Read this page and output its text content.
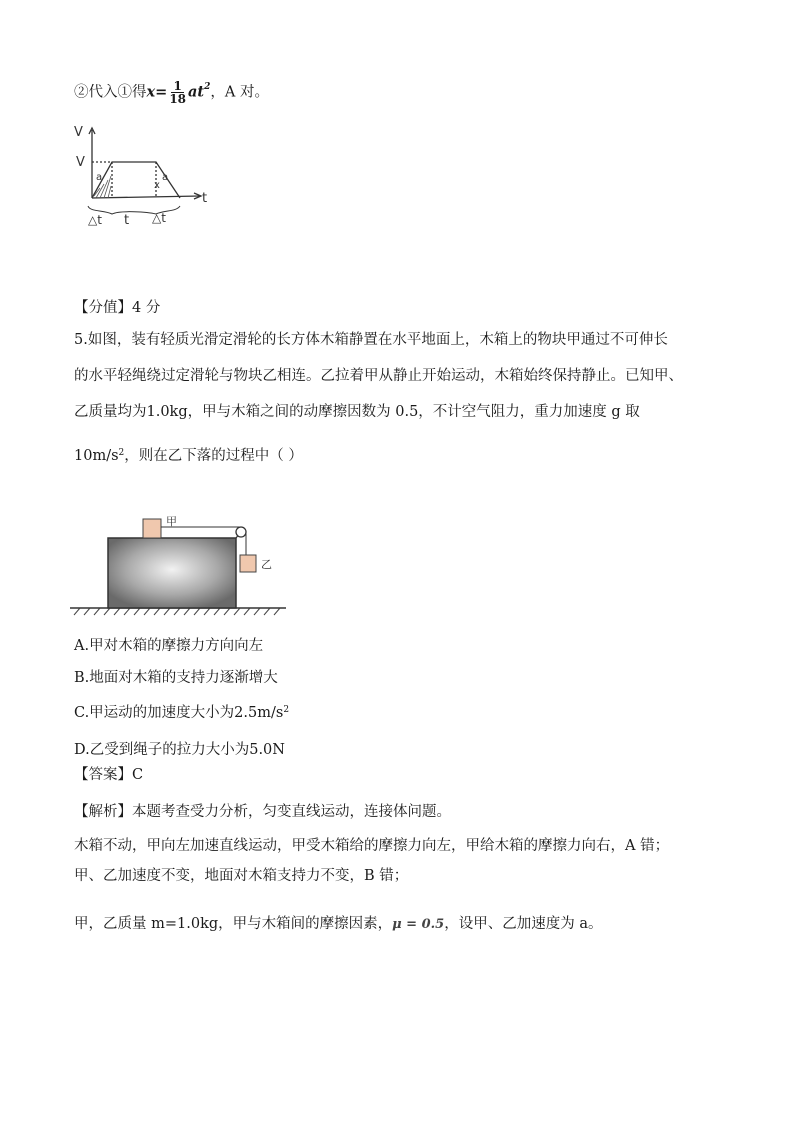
②代入①得$x= \frac{1}{18} at^2$，A 对。
V
V
a	a
x
t
△t t △t
【分值】4 分
5.如图，装有轻质光滑定滑轮的长方体木箱静置在水平地面上，木箱上的物块甲通过不可伸长
的水平轻绳绕过定滑轮与物块乙相连。乙拉着甲从静止开始运动，木箱始终保持静止。已知甲、
乙质量均为1.0kg，甲与木箱之间的动摩擦因数为 0.5，不计空气阻力，重力加速度 g 取
$10m/s^2$，则在乙下落的过程中（ ）
甲
乙
A.甲对木箱的摩擦力方向向左
B.地面对木箱的支持力逐渐增大
C.甲运动的加速度大小为$2.5m/s^2$
D.乙受到绳子的拉力大小为5.0N
【答案】C
【解析】本题考查受力分析，匀变直线运动，连接体问题。
木箱不动，甲向左加速直线运动，甲受木箱给的摩擦力向左，甲给木箱的摩擦力向右，A 错；
甲、乙加速度不变，地面对木箱支持力不变，B 错；
甲，乙质量 m=1.0kg，甲与木箱间的摩擦因素，μ = 0.5，设甲、乙加速度为 a。
